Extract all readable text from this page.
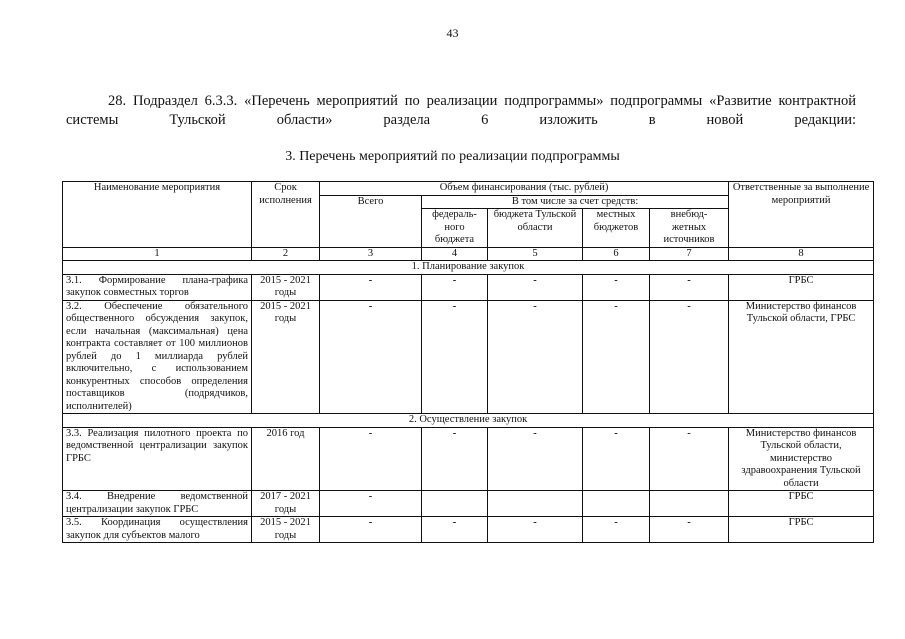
43
28. Подраздел 6.3.3. «Перечень мероприятий по реализации подпрограммы» подпрограммы «Развитие контрактной системы Тульской области» раздела 6 изложить в новой редакции:
3. Перечень мероприятий по реализации подпрограммы
Наименование мероприятия	Срок исполнения	Объем финансирования (тыс. рублей)					Ответственные за выполнение мероприятий
		Всего	В том числе за счет средств:				
			федераль- ного бюджета	бюджета Тульской области	местных бюджетов	внебюд- жетных источников	
1	2	3	4	5	6	7	8
1. Планирование закупок							
3.1. Формирование плана-графика закупок совместных торгов	2015 - 2021 годы	-	-	-	-	-	ГРБС
3.2. Обеспечение обязательного общественного обсуждения закупок, если начальная (максимальная) цена контракта составляет от 100 миллионов рублей до 1 миллиарда рублей включительно, с использованием конкурентных способов определения поставщиков (подрядчиков, исполнителей)	2015 - 2021 годы	-	-	-	-	-	Министерство финансов Тульской области, ГРБС
2. Осуществление закупок							
3.3. Реализация пилотного проекта по ведомственной централизации закупок ГРБС	2016 год	-	-	-	-	-	Министерство финансов Тульской области, министерство здравоохранения Тульской области
3.4. Внедрение ведомственной централизации закупок ГРБС	2017 - 2021 годы	-					ГРБС
3.5. Координация осуществления закупок для субъектов малого	2015 - 2021 годы	-	-	-	-	-	ГРБС
